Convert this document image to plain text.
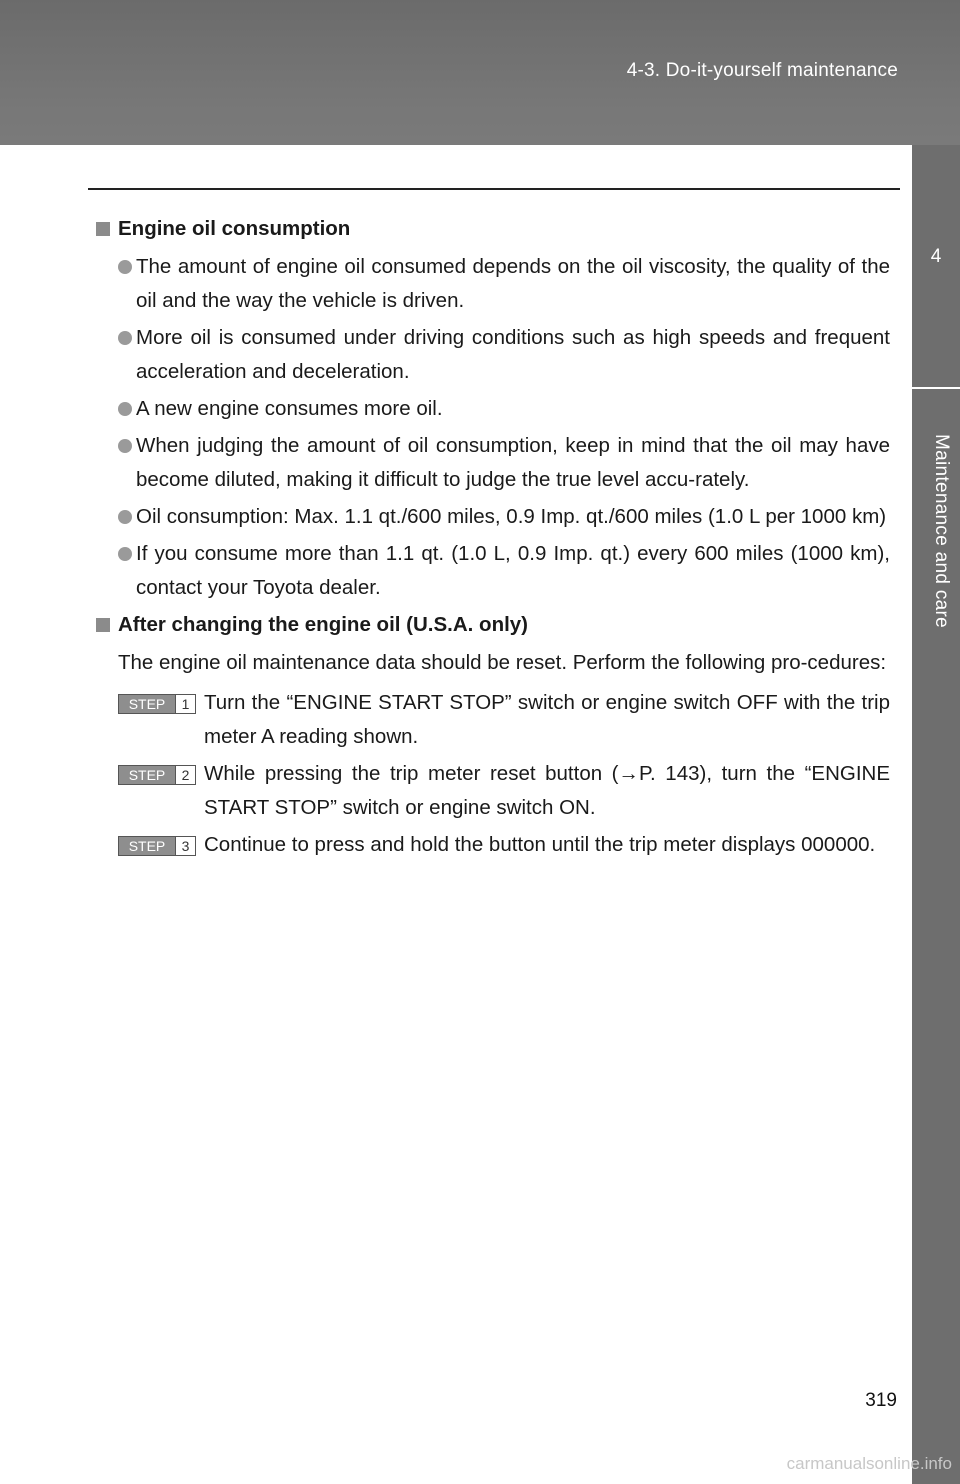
4-3. Do-it-yourself maintenance
4
Maintenance and care
Engine oil consumption
The amount of engine oil consumed depends on the oil viscosity, the quality of the oil and the way the vehicle is driven.
More oil is consumed under driving conditions such as high speeds and frequent acceleration and deceleration.
A new engine consumes more oil.
When judging the amount of oil consumption, keep in mind that the oil may have become diluted, making it difficult to judge the true level accu-rately.
Oil consumption: Max. 1.1 qt./600 miles, 0.9 Imp. qt./600 miles (1.0 L per 1000 km)
If you consume more than 1.1 qt. (1.0 L, 0.9 Imp. qt.) every 600 miles (1000 km), contact your Toyota dealer.
After changing the engine oil (U.S.A. only)
The engine oil maintenance data should be reset. Perform the following pro-cedures:
STEP	1 Turn the “ENGINE START STOP” switch or engine switch OFF with the trip meter A reading shown.
STEP	2 While pressing the trip meter reset button (→P. 143), turn the “ENGINE START STOP” switch or engine switch ON.
STEP	3 Continue to press and hold the button until the trip meter displays 000000.
319
carmanualsonline.info
